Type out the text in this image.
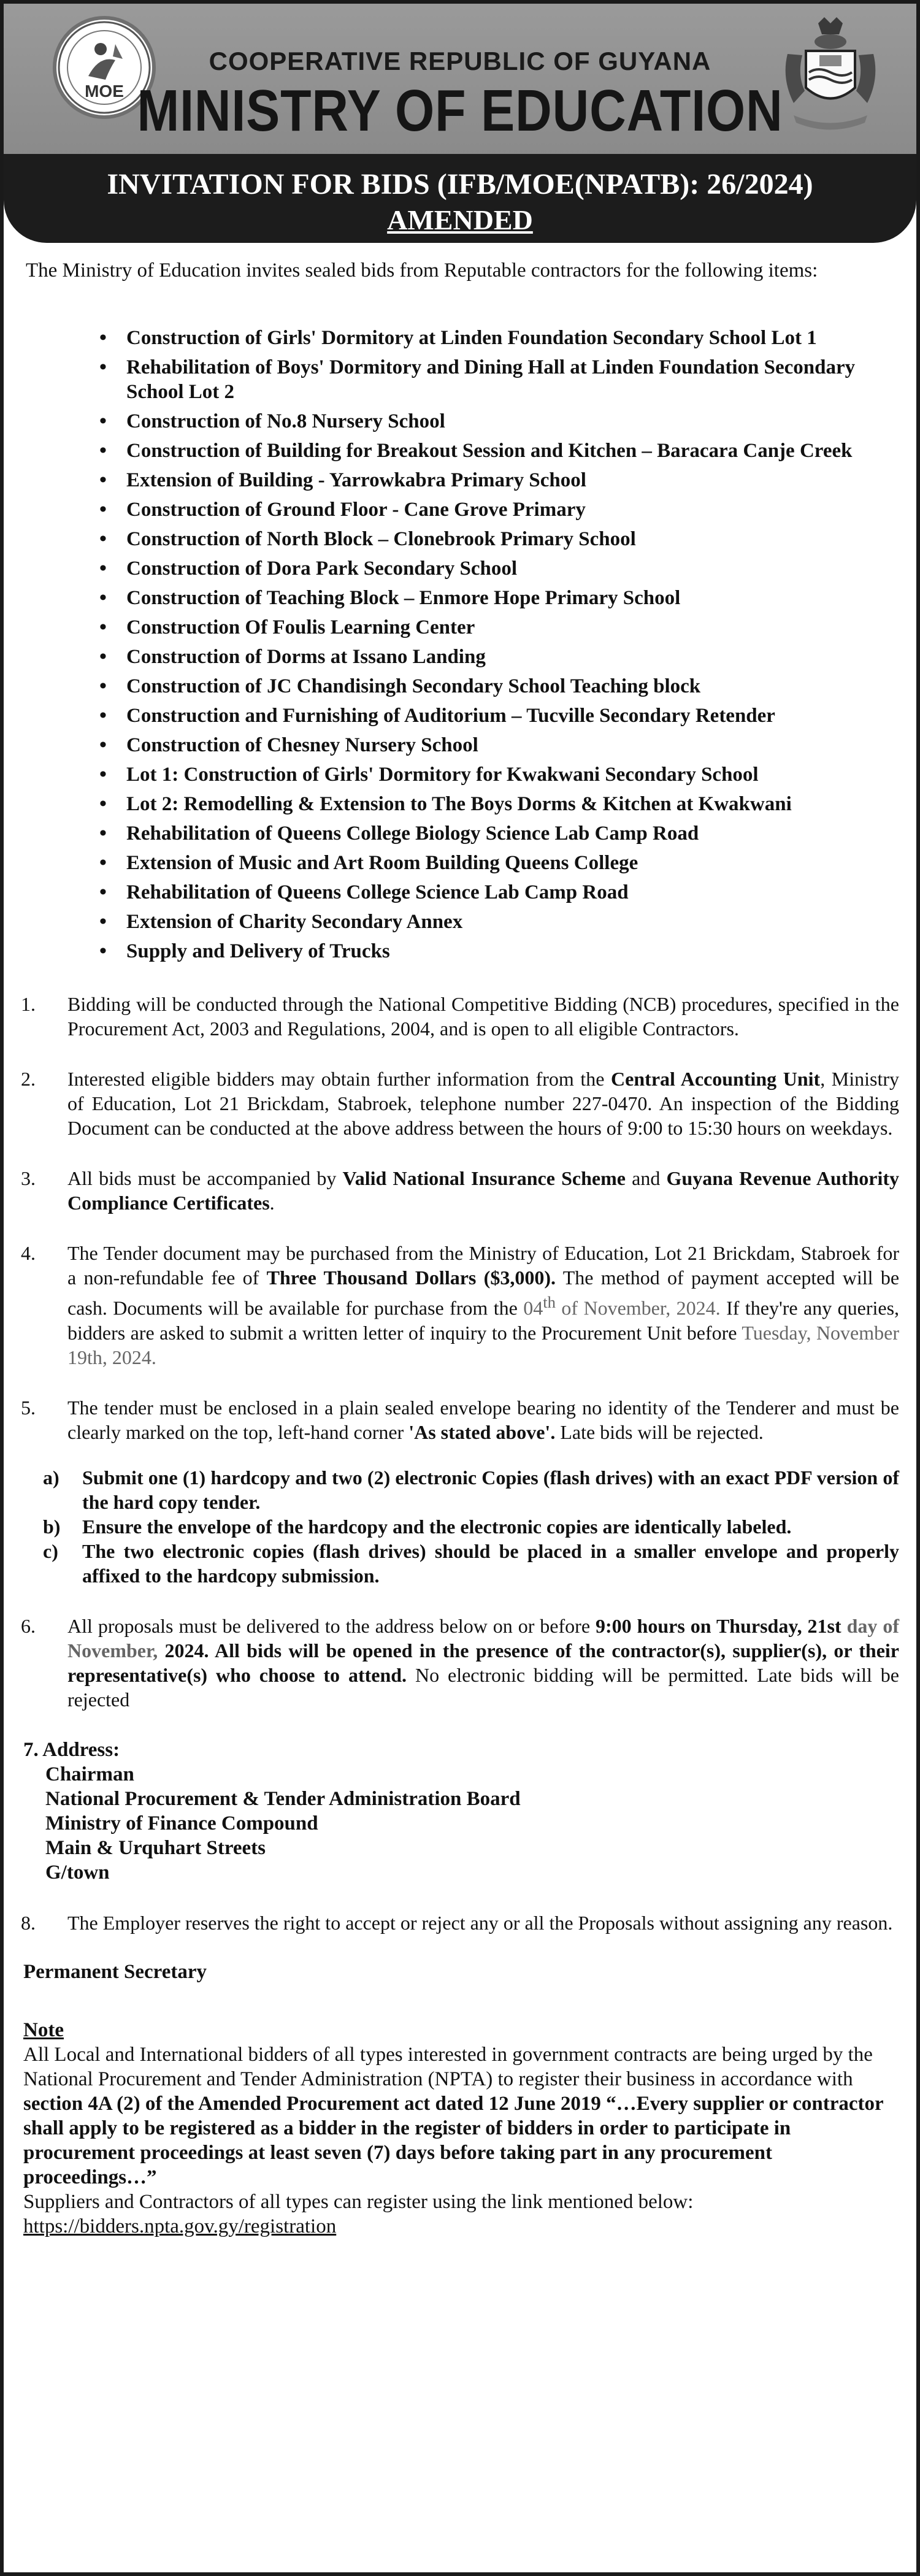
MOE
COOPERATIVE REPUBLIC OF GUYANA
MINISTRY OF EDUCATION
INVITATION FOR BIDS (IFB/MOE(NPATB): 26/2024)
AMENDED

The Ministry of Education invites sealed bids from Reputable contractors for the following items:

• Construction of Girls' Dormitory at Linden Foundation Secondary School Lot 1
• Rehabilitation of Boys' Dormitory and Dining Hall at Linden Foundation Secondary School Lot 2
• Construction of No.8 Nursery School
• Construction of Building for Breakout Session and Kitchen – Baracara Canje Creek
• Extension of Building - Yarrowkabra Primary School
• Construction of Ground Floor - Cane Grove Primary
• Construction of North Block – Clonebrook Primary School
• Construction of Dora Park Secondary School
• Construction of Teaching Block – Enmore Hope Primary School
• Construction Of Foulis Learning Center
• Construction of Dorms at Issano Landing
• Construction of JC Chandisingh Secondary School Teaching block
• Construction and Furnishing of Auditorium – Tucville Secondary Retender
• Construction of Chesney Nursery School
• Lot 1: Construction of Girls' Dormitory for Kwakwani Secondary School
• Lot 2: Remodelling & Extension to The Boys Dorms & Kitchen at Kwakwani
• Rehabilitation of Queens College Biology Science Lab Camp Road
• Extension of Music and Art Room Building Queens College
• Rehabilitation of Queens College Science Lab Camp Road
• Extension of Charity Secondary Annex
• Supply and Delivery of Trucks
1. Bidding will be conducted through the National Competitive Bidding (NCB) procedures, specified in the Procurement Act, 2003 and Regulations, 2004, and is open to all eligible Contractors.
2. Interested eligible bidders may obtain further information from the Central Accounting Unit, Ministry of Education, Lot 21 Brickdam, Stabroek, telephone number 227-0470. An inspection of the Bidding Document can be conducted at the above address between the hours of 9:00 to 15:30 hours on weekdays.
3. All bids must be accompanied by Valid National Insurance Scheme and Guyana Revenue Authority Compliance Certificates.
4. The Tender document may be purchased from the Ministry of Education, Lot 21 Brickdam, Stabroek for a non-refundable fee of Three Thousand Dollars ($3,000). The method of payment accepted will be cash. Documents will be available for purchase from the 04th of November, 2024. If they're any queries, bidders are asked to submit a written letter of inquiry to the Procurement Unit before Tuesday, November 19th, 2024.
5. The tender must be enclosed in a plain sealed envelope bearing no identity of the Tenderer and must be clearly marked on the top, left-hand corner 'As stated above'. Late bids will be rejected.
a) Submit one (1) hardcopy and two (2) electronic Copies (flash drives) with an exact PDF version of the hard copy tender.
b) Ensure the envelope of the hardcopy and the electronic copies are identically labeled.
c) The two electronic copies (flash drives) should be placed in a smaller envelope and properly affixed to the hardcopy submission.
6. All proposals must be delivered to the address below on or before 9:00 hours on Thursday, 21st day of November, 2024. All bids will be opened in the presence of the contractor(s), supplier(s), or their representative(s) who choose to attend. No electronic bidding will be permitted. Late bids will be rejected
7. Address:
Chairman
National Procurement & Tender Administration Board
Ministry of Finance Compound
Main & Urquhart Streets
G/town
8. The Employer reserves the right to accept or reject any or all the Proposals without assigning any reason.
Permanent Secretary
Note
All Local and International bidders of all types interested in government contracts are being urged by the National Procurement and Tender Administration (NPTA) to register their business in accordance with section 4A (2) of the Amended Procurement act dated 12 June 2019 “…Every supplier or contractor shall apply to be registered as a bidder in the register of bidders in order to participate in procurement proceedings at least seven (7) days before taking part in any procurement proceedings…”
Suppliers and Contractors of all types can register using the link mentioned below:
https://bidders.npta.gov.gy/registration
